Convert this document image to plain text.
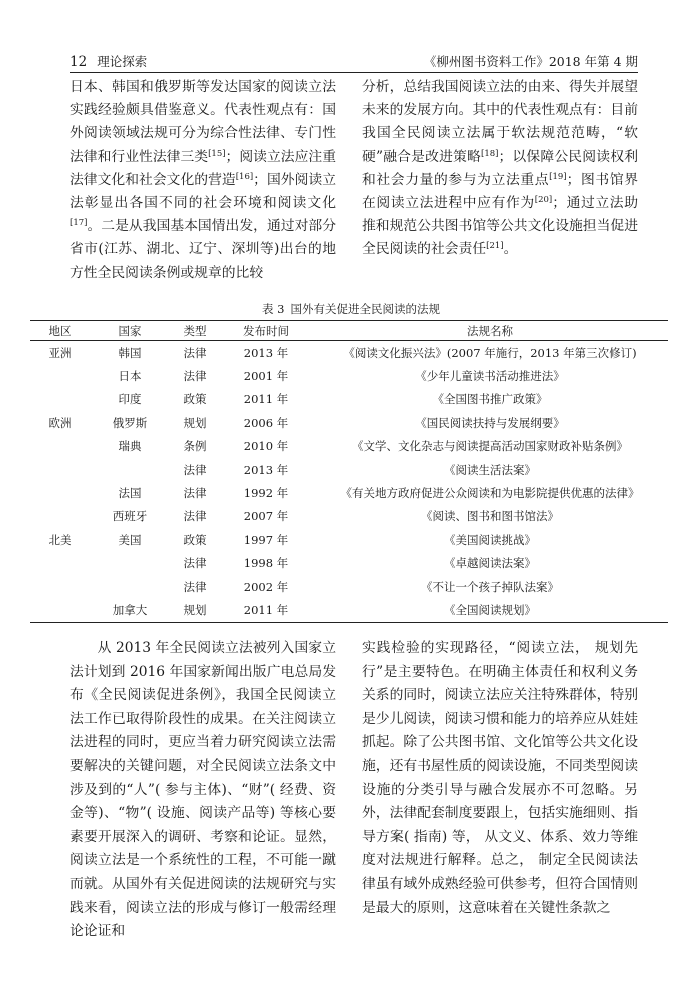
12 理论探索	《柳州图书资料工作》2018 年第 4 期

日本、韩国和俄罗斯等发达国家的阅读立法实践经验颇具借鉴意义。代表性观点有：国外阅读领域法规可分为综合性法律、专门性法律和行业性法律三类[15]；阅读立法应注重法律文化和社会文化的营造[16]；国外阅读立法彰显出各国不同的社会环境和阅读文化[17]。二是从我国基本国情出发，通过对部分省市(江苏、湖北、辽宁、深圳等)出台的地方性全民阅读条例或规章的比较

分析，总结我国阅读立法的由来、得失并展望未来的发展方向。其中的代表性观点有：目前我国全民阅读立法属于软法规范范畴，“软硬”融合是改进策略[18]；以保障公民阅读权利和社会力量的参与为立法重点[19]；图书馆界在阅读立法进程中应有作为[20]；通过立法助推和规范公共图书馆等公共文化设施担当促进全民阅读的社会责任[21]。

表 3 国外有关促进全民阅读的法规
地区	国家	类型	发布时间	法规名称
亚洲	韩国	法律	2013 年	《阅读文化振兴法》(2007 年施行，2013 年第三次修订)
	日本	法律	2001 年	《少年儿童读书活动推进法》
	印度	政策	2011 年	《全国图书推广政策》
欧洲	俄罗斯	规划	2006 年	《国民阅读扶持与发展纲要》
	瑞典	条例	2010 年	《文学、文化杂志与阅读提高活动国家财政补贴条例》
		法律	2013 年	《阅读生活法案》
	法国	法律	1992 年	《有关地方政府促进公众阅读和为电影院提供优惠的法律》
	西班牙	法律	2007 年	《阅读、图书和图书馆法》
北美	美国	政策	1997 年	《美国阅读挑战》
		法律	1998 年	《卓越阅读法案》
		法律	2002 年	《不让一个孩子掉队法案》
	加拿大	规划	2011 年	《全国阅读规划》

从 2013 年全民阅读立法被列入国家立法计划到 2016 年国家新闻出版广电总局发布《全民阅读促进条例》，我国全民阅读立法工作已取得阶段性的成果。在关注阅读立法进程的同时，更应当着力研究阅读立法需要解决的关键问题，对全民阅读立法条文中涉及到的“人”( 参与主体)、“财”( 经费、资金等)、“物”( 设施、阅读产品等) 等核心要素要开展深入的调研、考察和论证。显然，阅读立法是一个系统性的工程，不可能一蹴而就。从国外有关促进阅读的法规研究与实践来看，阅读立法的形成与修订一般需经理论论证和

实践检验的实现路径，“阅读立法， 规划先行”是主要特色。在明确主体责任和权利义务关系的同时，阅读立法应关注特殊群体，特别是少儿阅读，阅读习惯和能力的培养应从娃娃抓起。除了公共图书馆、文化馆等公共文化设施，还有书屋性质的阅读设施，不同类型阅读设施的分类引导与融合发展亦不可忽略。另外，法律配套制度要跟上，包括实施细则、指导方案( 指南) 等， 从文义、体系、效力等维度对法规进行解释。总之， 制定全民阅读法律虽有域外成熟经验可供参考，但符合国情则是最大的原则，这意味着在关键性条款之
